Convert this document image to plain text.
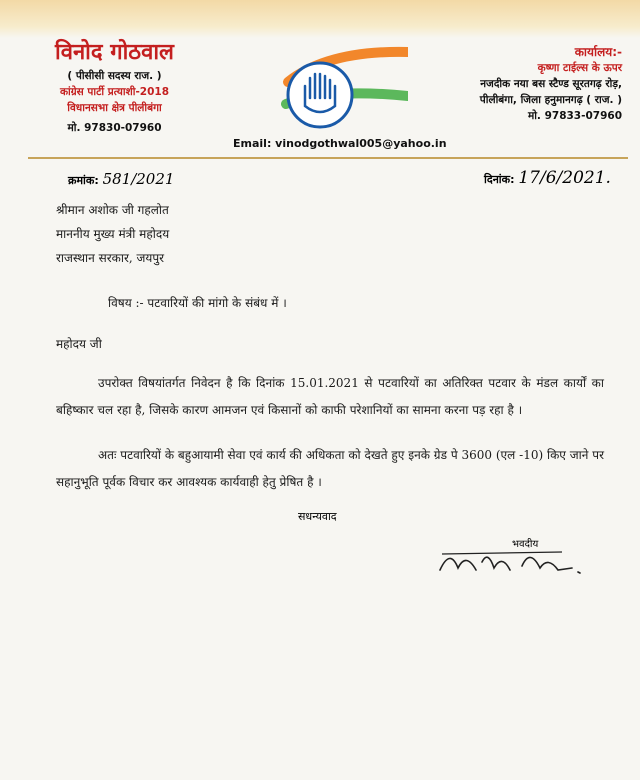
विनोद गोठवाल
( पीसीसी सदस्य राज. )
कांग्रेस पार्टी प्रत्याशी-2018
विधानसभा क्षेत्र पीलीबंगा
मो. 97830-07960
कार्यालय:-
कृष्णा टाईल्स के ऊपर
नजदीक नया बस स्टैण्ड सूरतगढ़ रोड़,
पीलीबंगा, जिला हनुमानगढ़ ( राज. )
मो. 97833-07960
Email: vinodgothwal005@yahoo.in
क्रमांक: 581/2021	दिनांक: 17/6/2021.
श्रीमान अशोक जी गहलोत
माननीय मुख्य मंत्री महोदय
राजस्थान सरकार, जयपुर
विषय :- पटवारियों की मांगो के संबंध में ।
महोदय जी
उपरोक्त विषयांतर्गत निवेदन है कि दिनांक 15.01.2021 से पटवारियों का अतिरिक्त पटवार के मंडल कार्यों का बहिष्कार चल रहा है, जिसके कारण आमजन एवं किसानों को काफी परेशानियों का सामना करना पड़ रहा है ।
अतः पटवारियों के बहुआयामी सेवा एवं कार्य की अधिकता को देखते हुए इनके ग्रेड पे 3600 (एल -10) किए जाने पर सहानुभूति पूर्वक विचार कर आवश्यक कार्यवाही हेतु प्रेषित है ।
सधन्यवाद
भवदीय
